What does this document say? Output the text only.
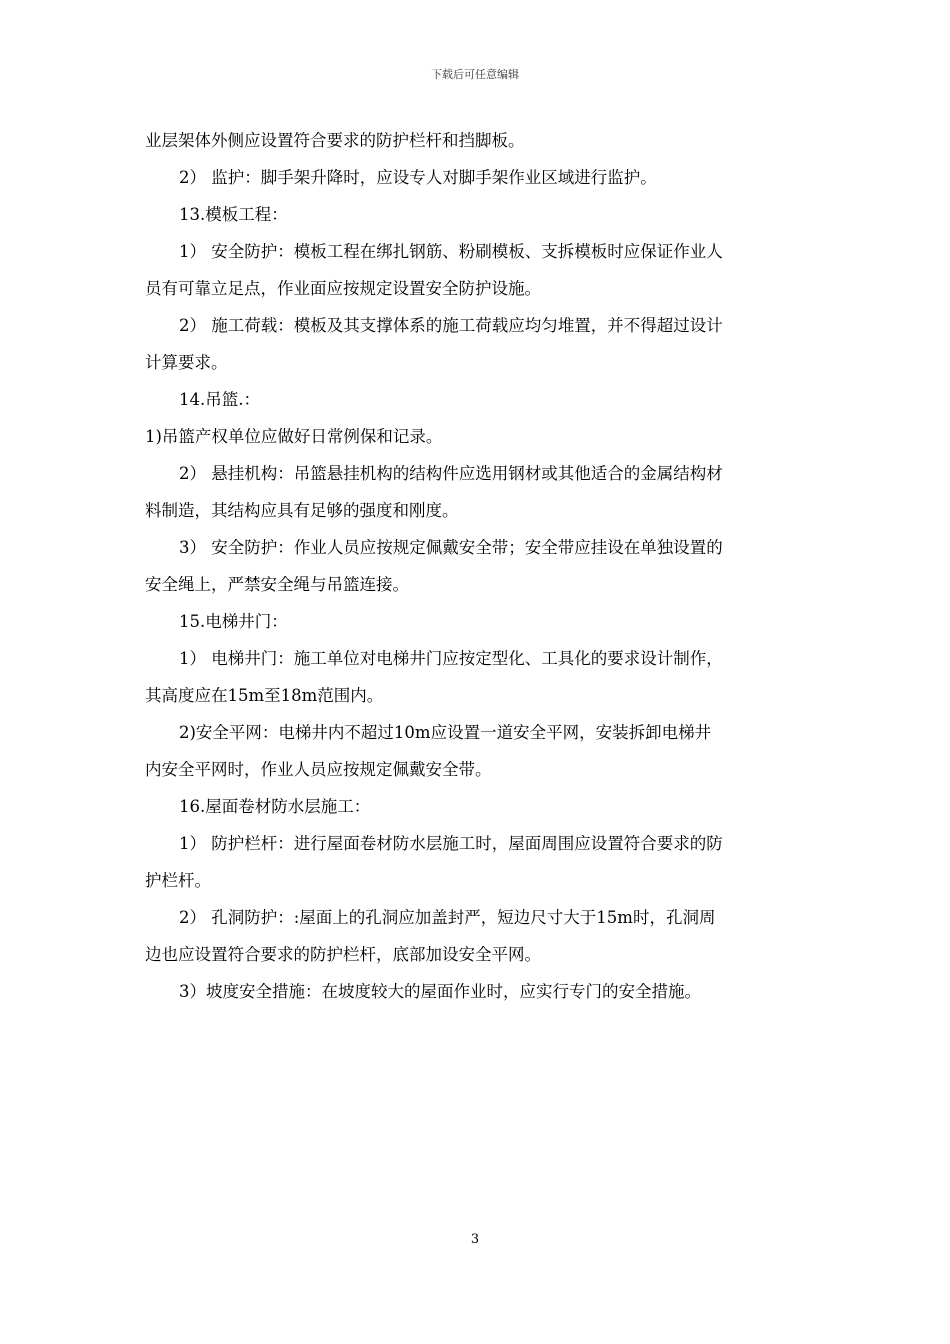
下载后可任意编辑
业层架体外侧应设置符合要求的防护栏杆和挡脚板。
2） 监护：脚手架升降时，应设专人对脚手架作业区域进行监护。
13.模板工程：
1） 安全防护：模板工程在绑扎钢筋、粉刷模板、支拆模板时应保证作业人
员有可靠立足点，作业面应按规定设置安全防护设施。
2） 施工荷载：模板及其支撑体系的施工荷载应均匀堆置，并不得超过设计
计算要求。
14.吊篮.：
1)吊篮产权单位应做好日常例保和记录。
2） 悬挂机构：吊篮悬挂机构的结构件应选用钢材或其他适合的金属结构材
料制造，其结构应具有足够的强度和刚度。
3） 安全防护：作业人员应按规定佩戴安全带；安全带应挂设在单独设置的
安全绳上，严禁安全绳与吊篮连接。
15.电梯井门：
1） 电梯井门：施工单位对电梯井门应按定型化、工具化的要求设计制作，
其高度应在15m至18m范围内。
2)安全平网：电梯井内不超过10m应设置一道安全平网，安装拆卸电梯井
内安全平网时，作业人员应按规定佩戴安全带。
16.屋面卷材防水层施工：
1） 防护栏杆：进行屋面卷材防水层施工时，屋面周围应设置符合要求的防
护栏杆。
2） 孔洞防护：:屋面上的孔洞应加盖封严，短边尺寸大于15m时，孔洞周
边也应设置符合要求的防护栏杆，底部加设安全平网。
3）坡度安全措施：在坡度较大的屋面作业时，应实行专门的安全措施。
3
